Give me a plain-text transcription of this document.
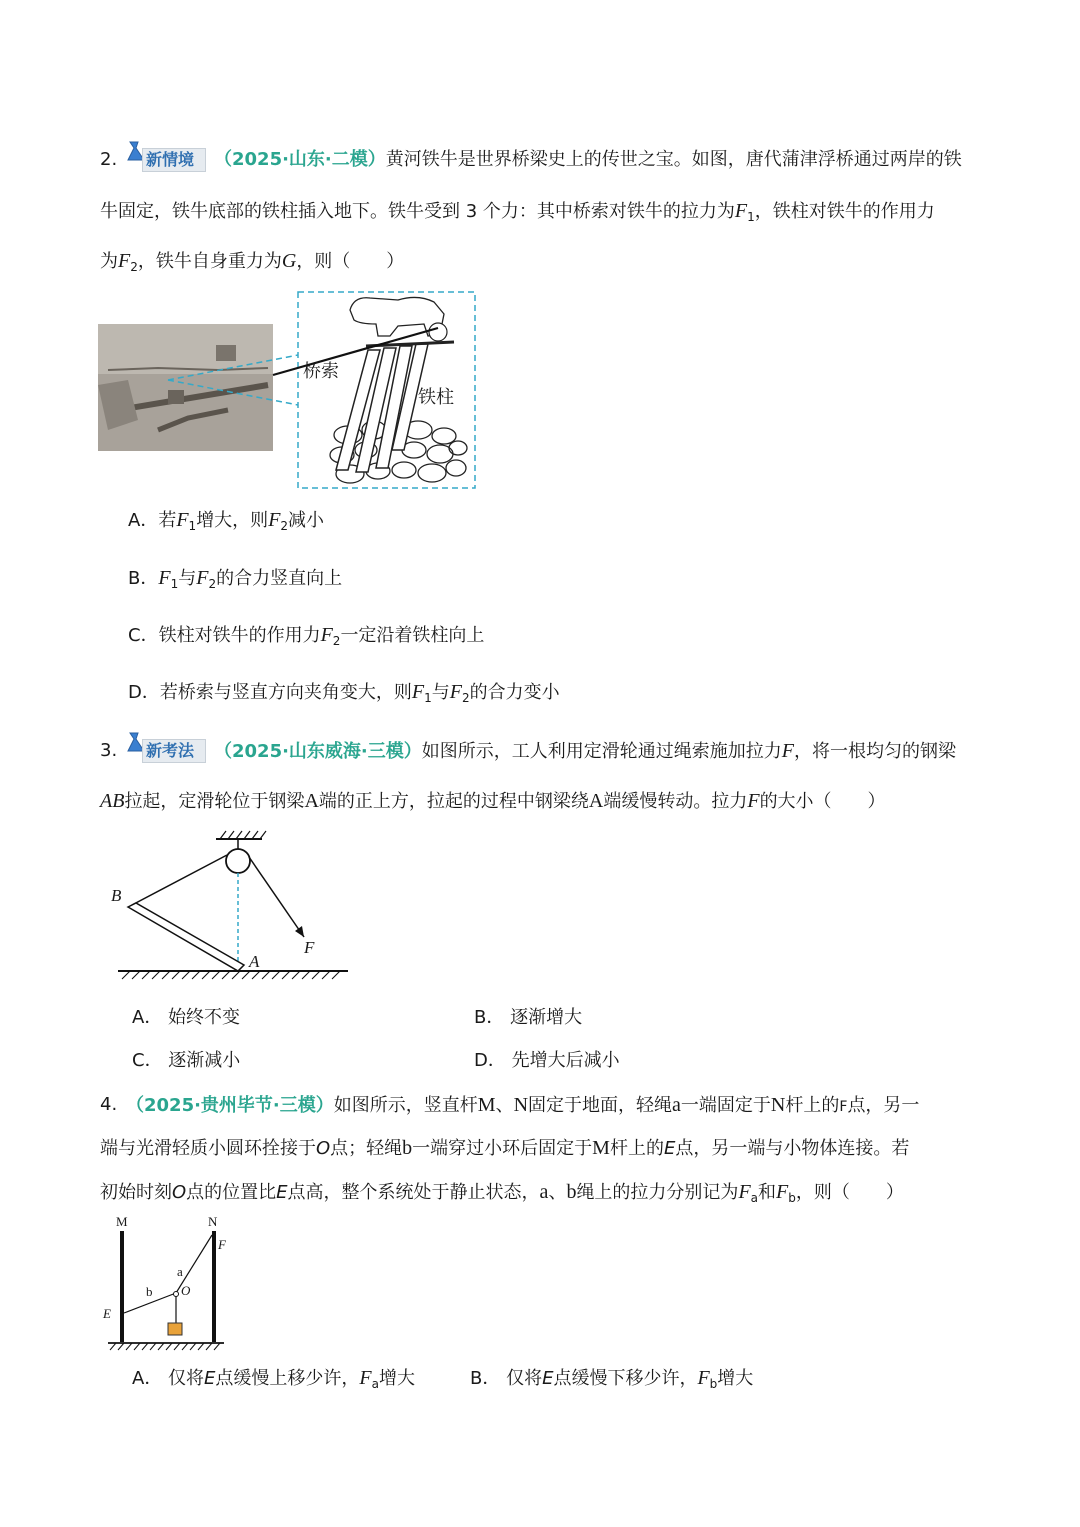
2. 新情境 （2025·山东·二模）黄河铁牛是世界桥梁史上的传世之宝。如图，唐代蒲津浮桥通过两岸的铁
牛固定，铁牛底部的铁柱插入地下。铁牛受到 3 个力：其中桥索对铁牛的拉力为$F_1$，铁柱对铁牛的作用力
为$F_2$，铁牛自身重力为G，则（　　）
桥索
铁柱
A．若$F_1$增大，则$F_2$减小
B．$F_1$与$F_2$的合力竖直向上
C．铁柱对铁牛的作用力$F_2$一定沿着铁柱向上
D．若桥索与竖直方向夹角变大，则$F_1$与$F_2$的合力变小
3. 新考法 （2025·山东威海·三模）如图所示，工人利用定滑轮通过绳索施加拉力F，将一根均匀的钢梁
AB拉起，定滑轮位于钢梁A端的正上方，拉起的过程中钢梁绕A端缓慢转动。拉力F的大小（　　）
B
A
F
A． 始终不变	B． 逐渐增大
C． 逐渐减小	D． 先增大后减小
4. （2025·贵州毕节·三模）如图所示，竖直杆M、N固定于地面，轻绳a一端固定于N杆上的F点，另一
端与光滑轻质小圆环拴接于O点；轻绳b一端穿过小环后固定于M杆上的E点，另一端与小物体连接。若
初始时刻O点的位置比E点高，整个系统处于静止状态，a、b绳上的拉力分别记为$F_a$和$F_b$，则（　　）
M	N
F
a
b O
E
A． 仅将E点缓慢上移少许，$F_a$增大	B． 仅将E点缓慢下移少许，$F_b$增大
